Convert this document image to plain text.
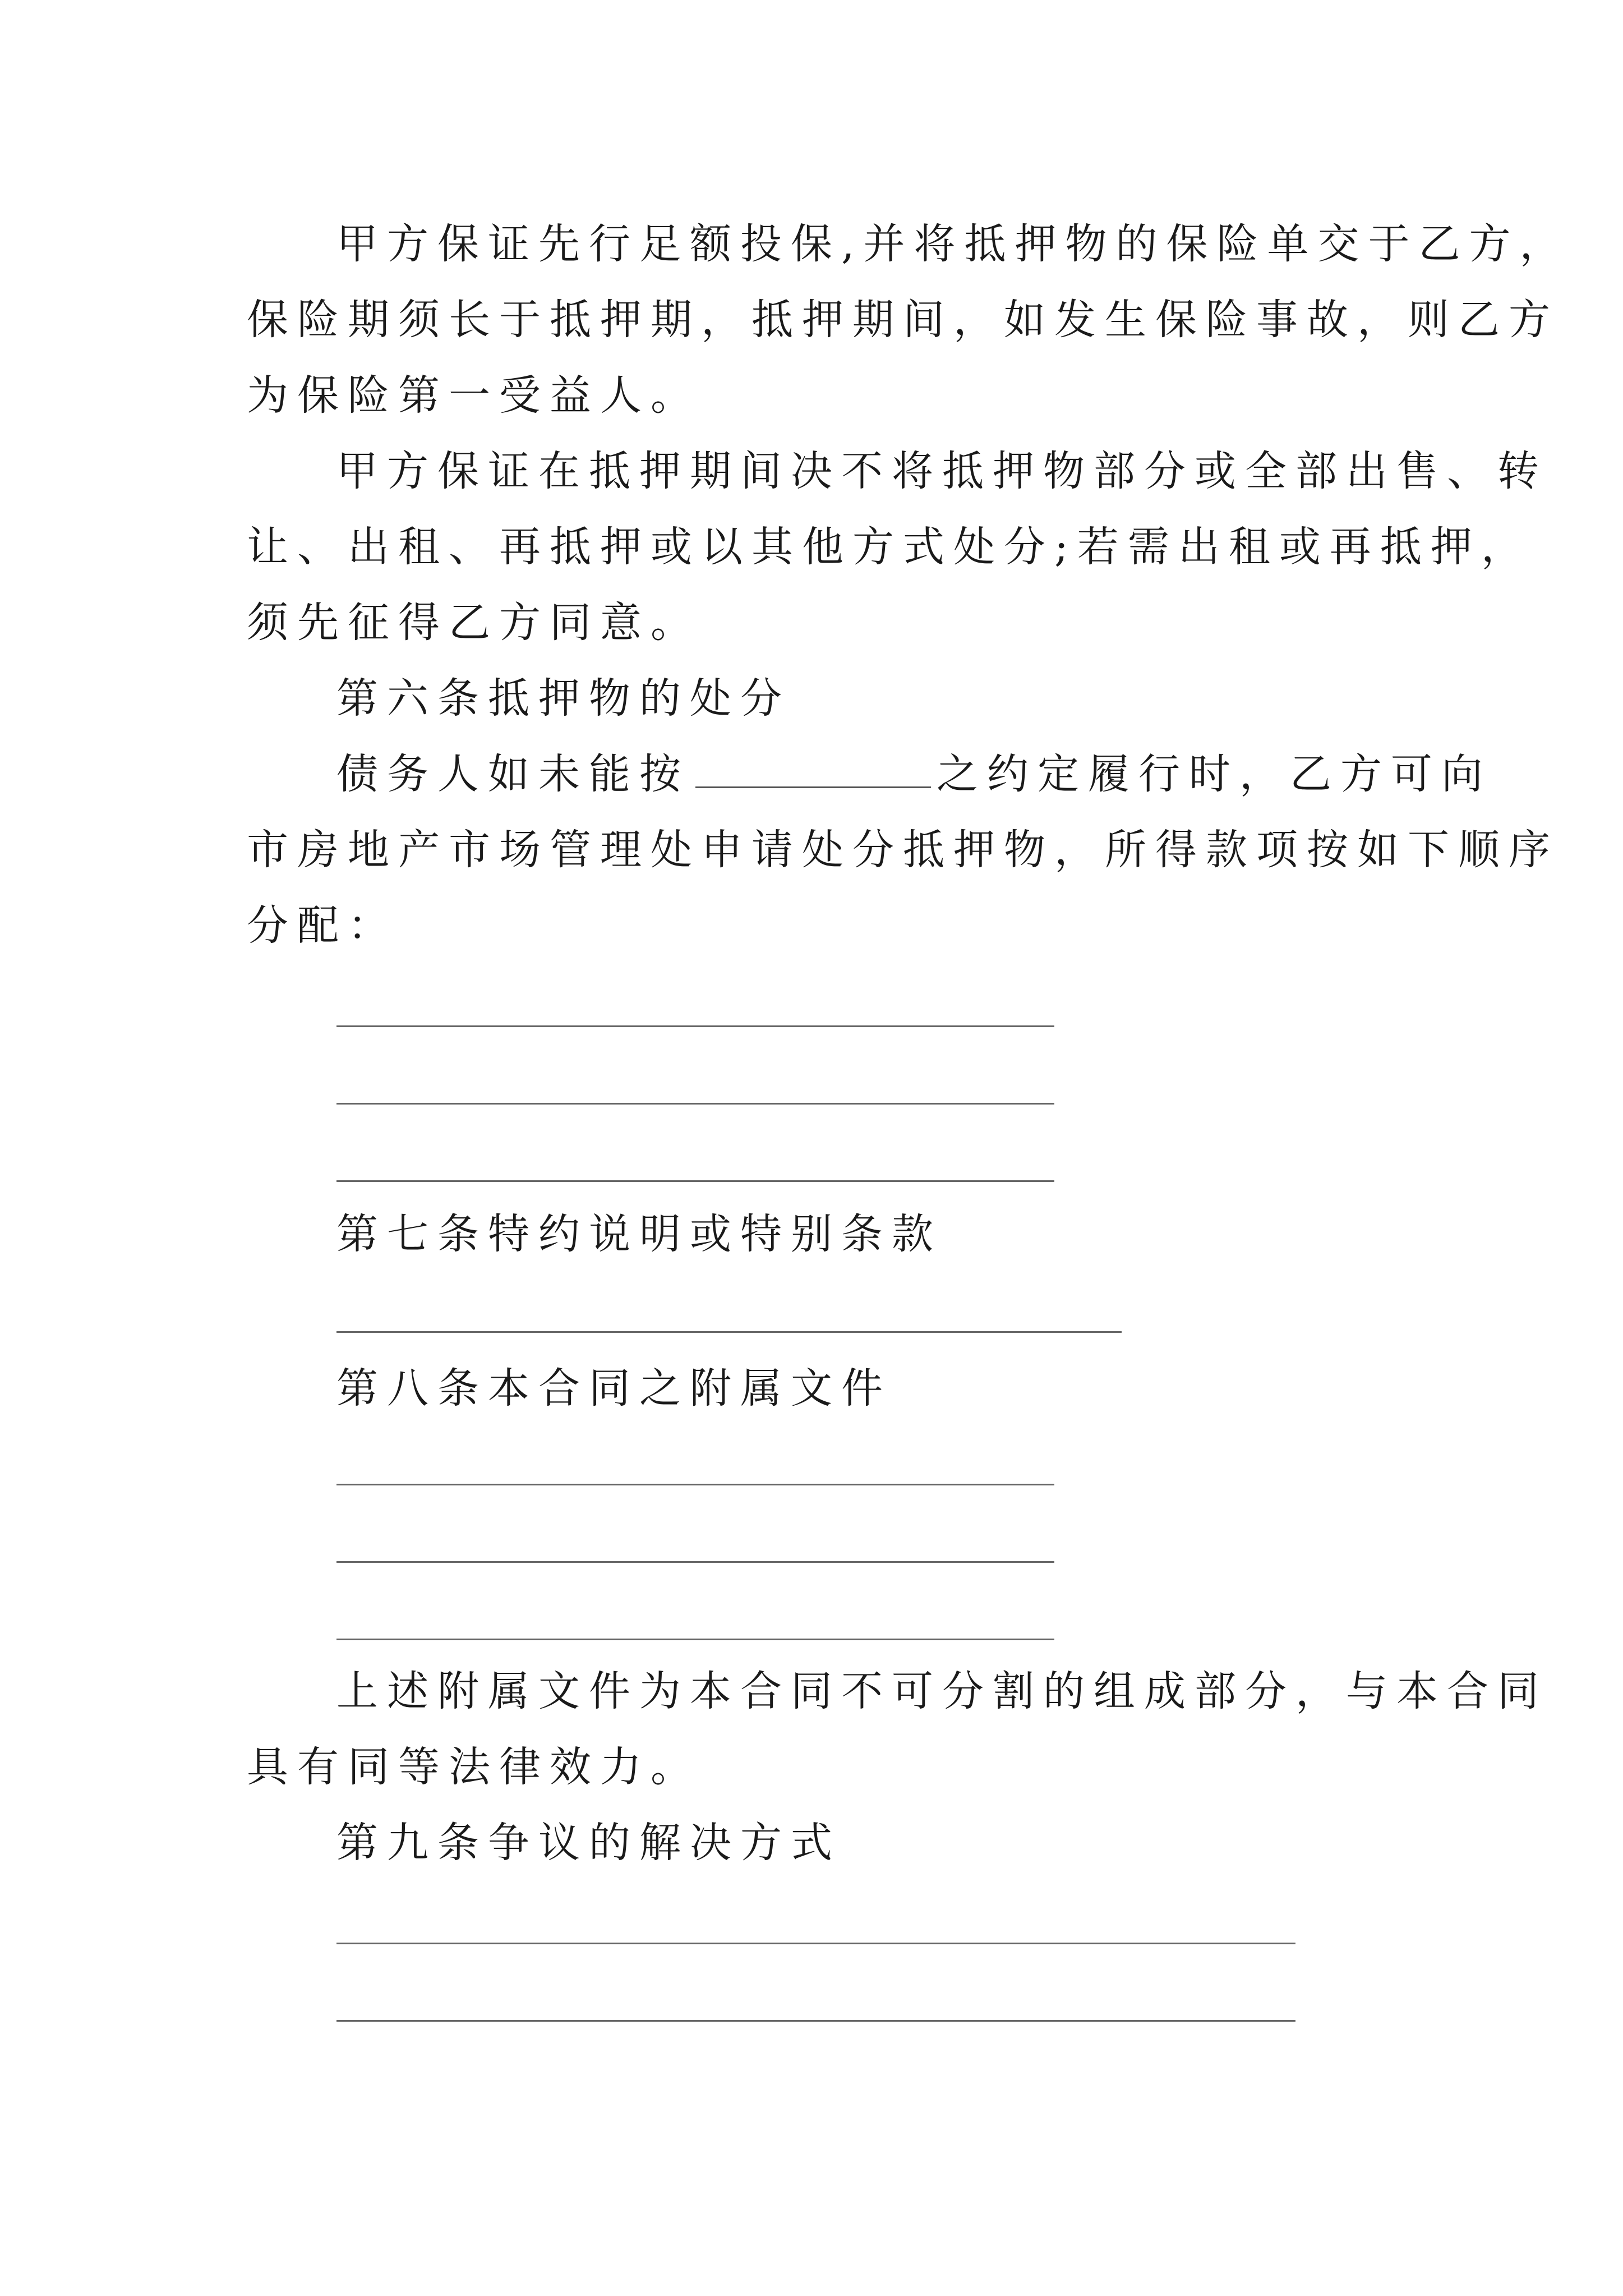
甲方保证先行足额投保,并将抵押物的保险单交于乙方，

保险期须长于抵押期，抵押期间，如发生保险事故，则乙方

为保险第一受益人。

甲方保证在抵押期间决不将抵押物部分或全部出售、转

让、出租、再抵押或以其他方式处分;若需出租或再抵押，

须先征得乙方同意。

第六条抵押物的处分

债务人如未能按	之约定履行时，乙方可向

市房地产市场管理处申请处分抵押物，所得款项按如下顺序

分配：

第七条特约说明或特别条款

第八条本合同之附属文件

上述附属文件为本合同不可分割的组成部分，与本合同

具有同等法律效力。

第九条争议的解决方式
